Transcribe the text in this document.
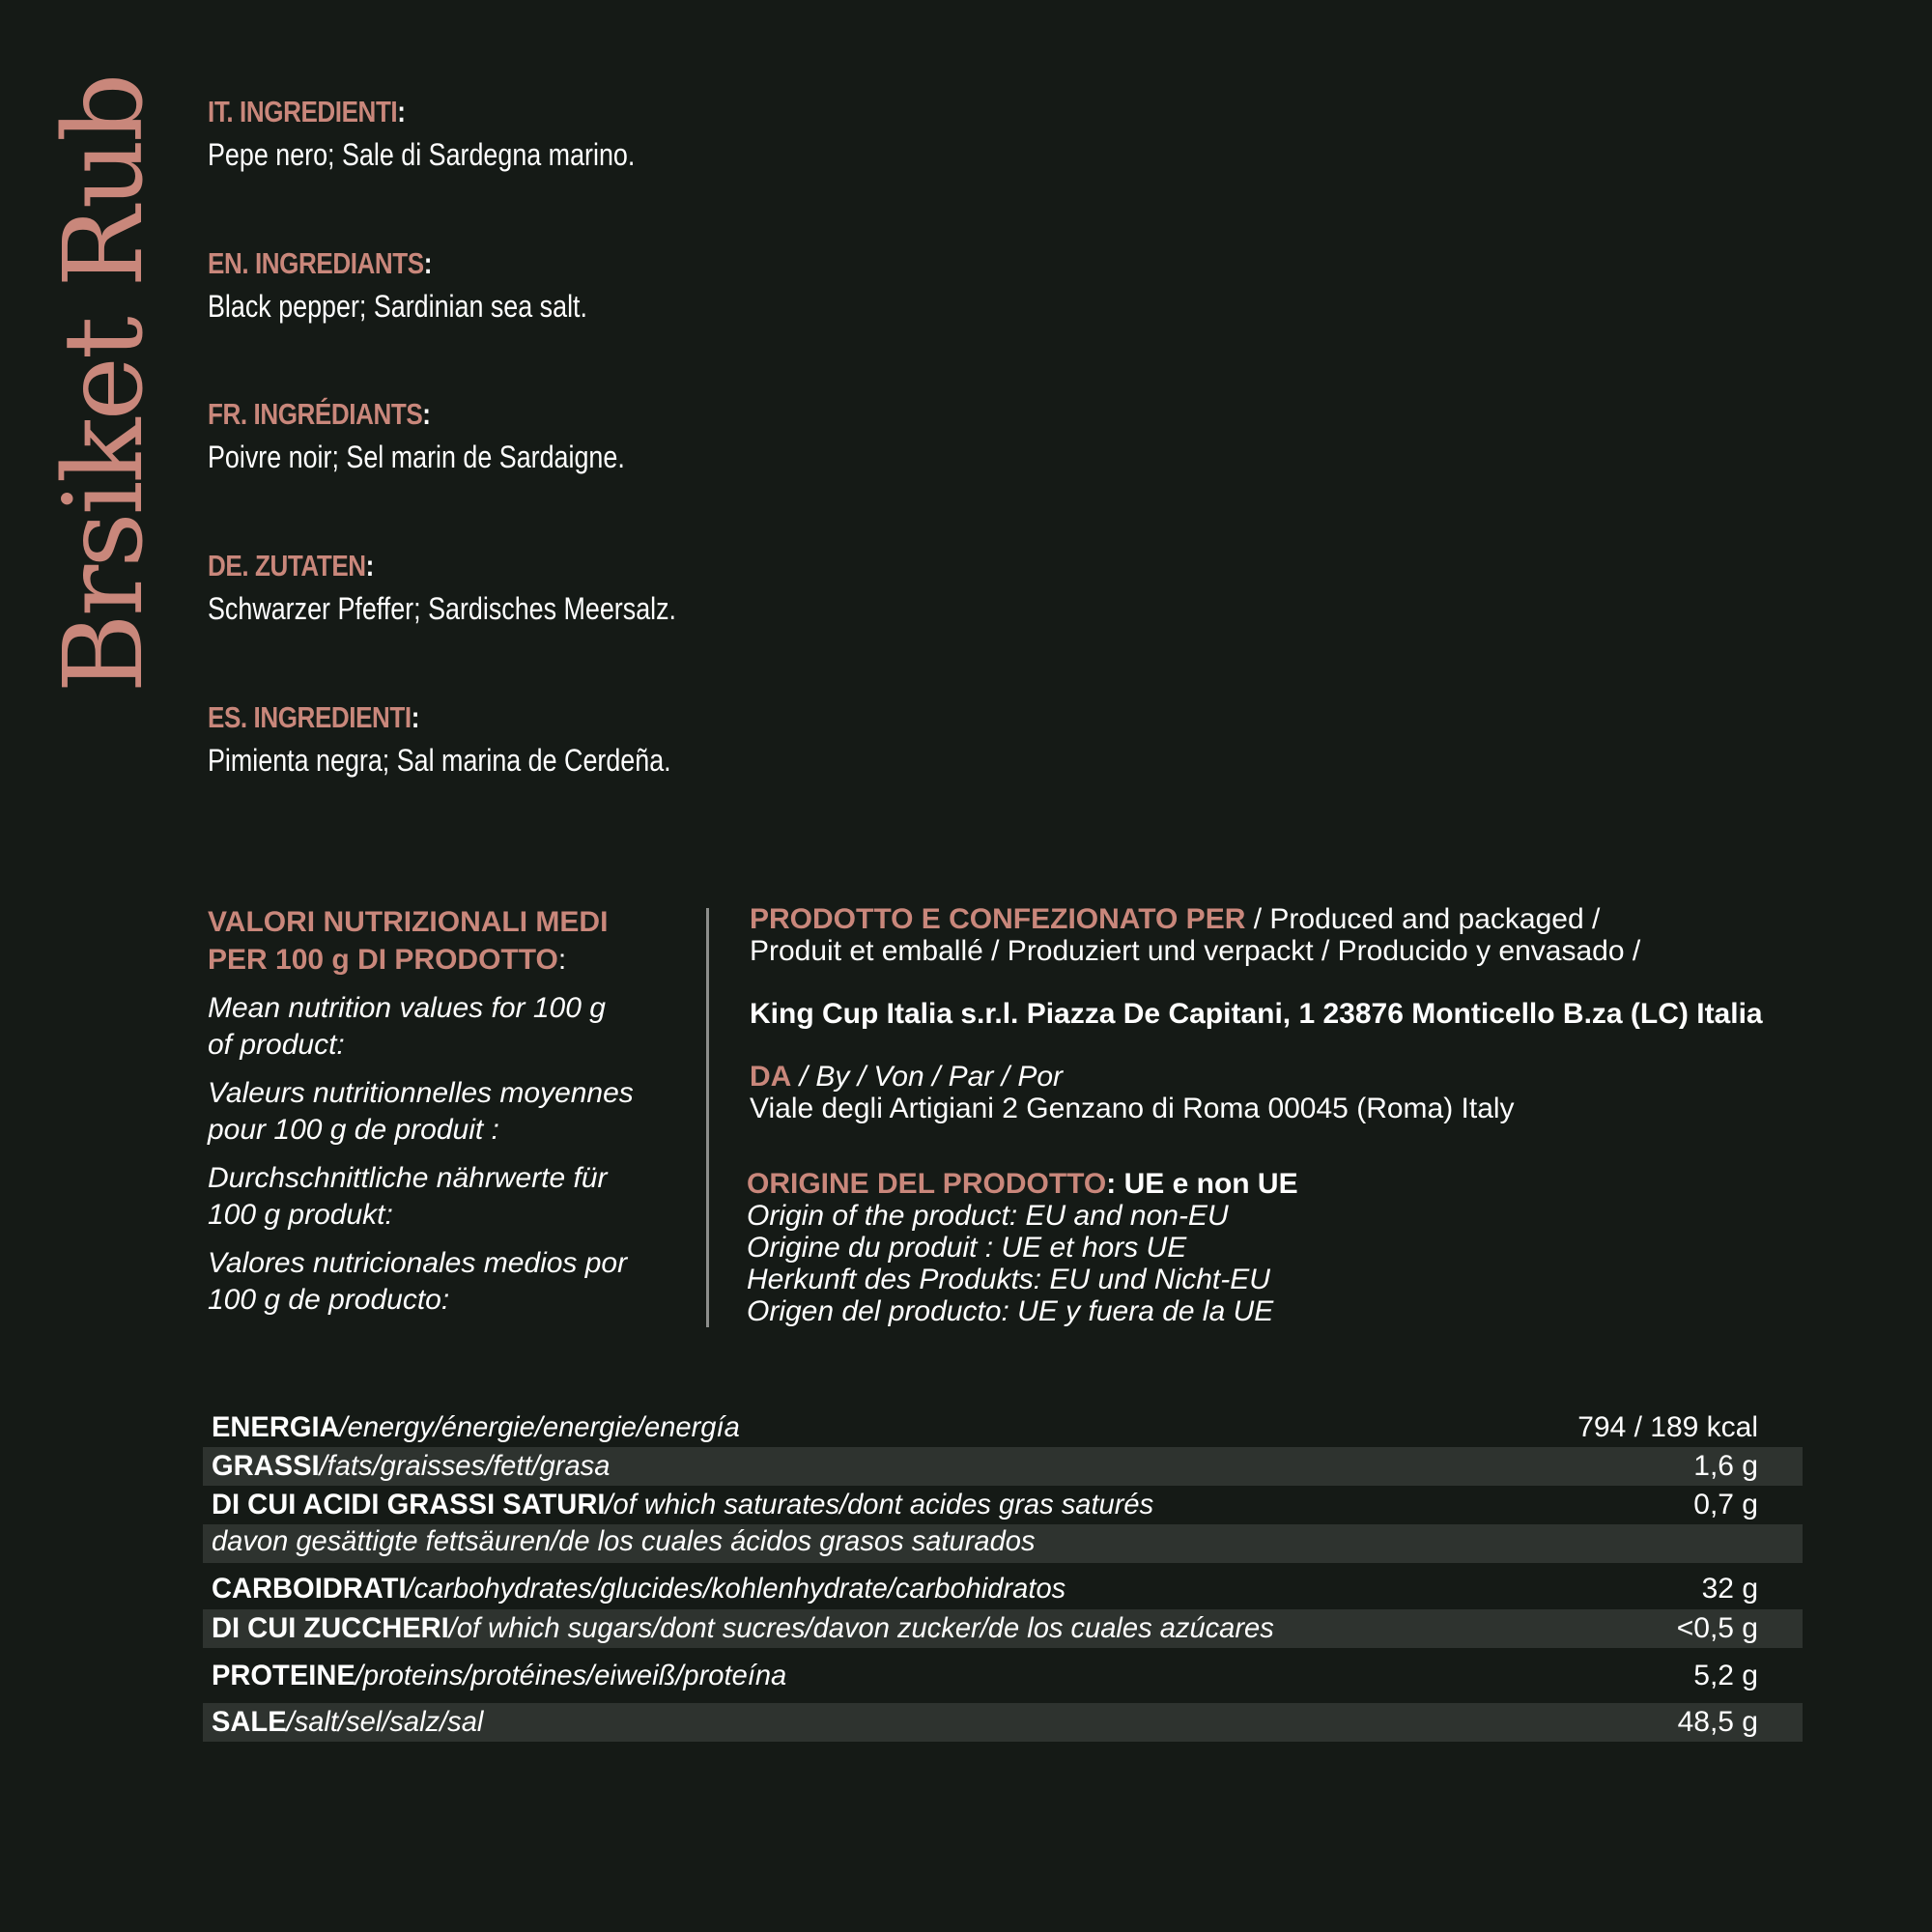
Brsiket Rub IT. INGREDIENTI:
Pepe nero; Sale di Sardegna marino.
EN. INGREDIANTS:
Black pepper; Sardinian sea salt.
FR. INGRÉDIANTS:
Poivre noir; Sel marin de Sardaigne.
DE. ZUTATEN:
Schwarzer Pfeffer; Sardisches Meersalz.
ES. INGREDIENTI:
Pimienta negra; Sal marina de Cerdeña.
VALORI NUTRIZIONALI MEDI
PER 100 g DI PRODOTTO:
Mean nutrition values for 100 g
of product:
Valeurs nutritionnelles moyennes
pour 100 g de produit :
Durchschnittliche nährwerte für
100 g produkt:
Valores nutricionales medios por
100 g de producto:
PRODOTTO E CONFEZIONATO PER / Produced and packaged /
Produit et emballé / Produziert und verpackt / Producido y envasado /
King Cup Italia s.r.l. Piazza De Capitani, 1 23876 Monticello B.za (LC) Italia
DA / By / Von / Par / Por
Viale degli Artigiani 2 Genzano di Roma 00045 (Roma) Italy
ORIGINE DEL PRODOTTO: UE e non UE
Origin of the product: EU and non-EU
Origine du produit : UE et hors UE
Herkunft des Produkts: EU und Nicht-EU
Origen del producto: UE y fuera de la UE
ENERGIA/energy/énergie/energie/energía	794 / 189 kcal
GRASSI/fats/graisses/fett/grasa	1,6 g
DI CUI ACIDI GRASSI SATURI/of which saturates/dont acides gras saturés	0,7 g
davon gesättigte fettsäuren/de los cuales ácidos grasos saturados
CARBOIDRATI/carbohydrates/glucides/kohlenhydrate/carbohidratos	32 g
DI CUI ZUCCHERI/of which sugars/dont sucres/davon zucker/de los cuales azúcares	<0,5 g
PROTEINE/proteins/protéines/eiweiß/proteína	5,2 g
SALE/salt/sel/salz/sal	48,5 g
